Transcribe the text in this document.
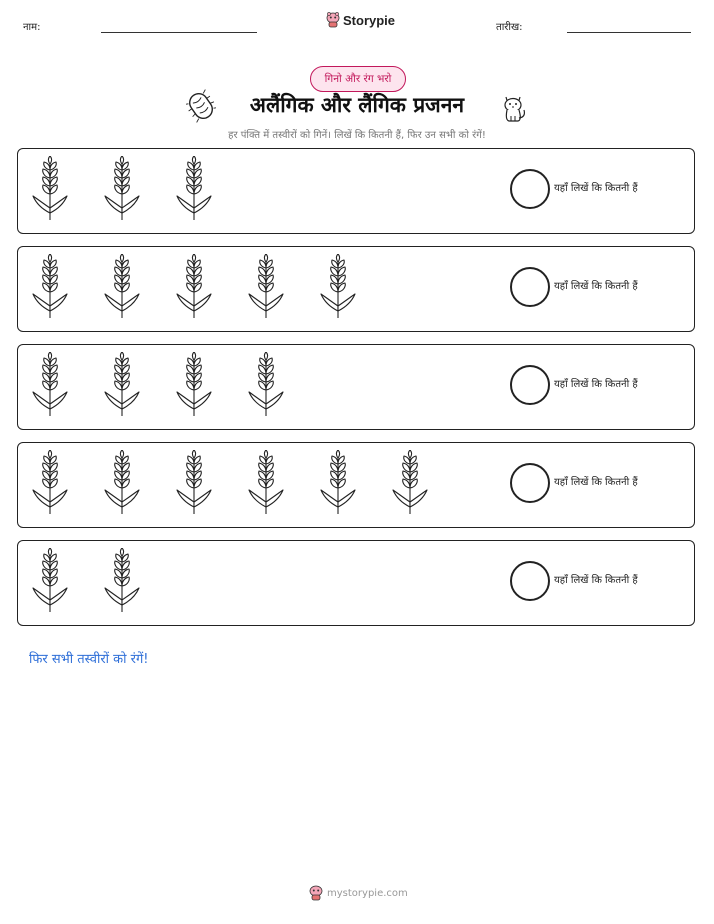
नाम:	Storypie	तारीख:
गिनो और रंग भरो
अलैंगिक और लैंगिक प्रजनन
हर पंक्ति में तस्वीरों को गिनें। लिखें कि कितनी हैं, फिर उन सभी को रंगें!
यहाँ लिखें कि कितनी हैं
यहाँ लिखें कि कितनी हैं
यहाँ लिखें कि कितनी हैं
यहाँ लिखें कि कितनी हैं
यहाँ लिखें कि कितनी हैं
फिर सभी तस्वीरों को रंगें!
mystorypie.com
